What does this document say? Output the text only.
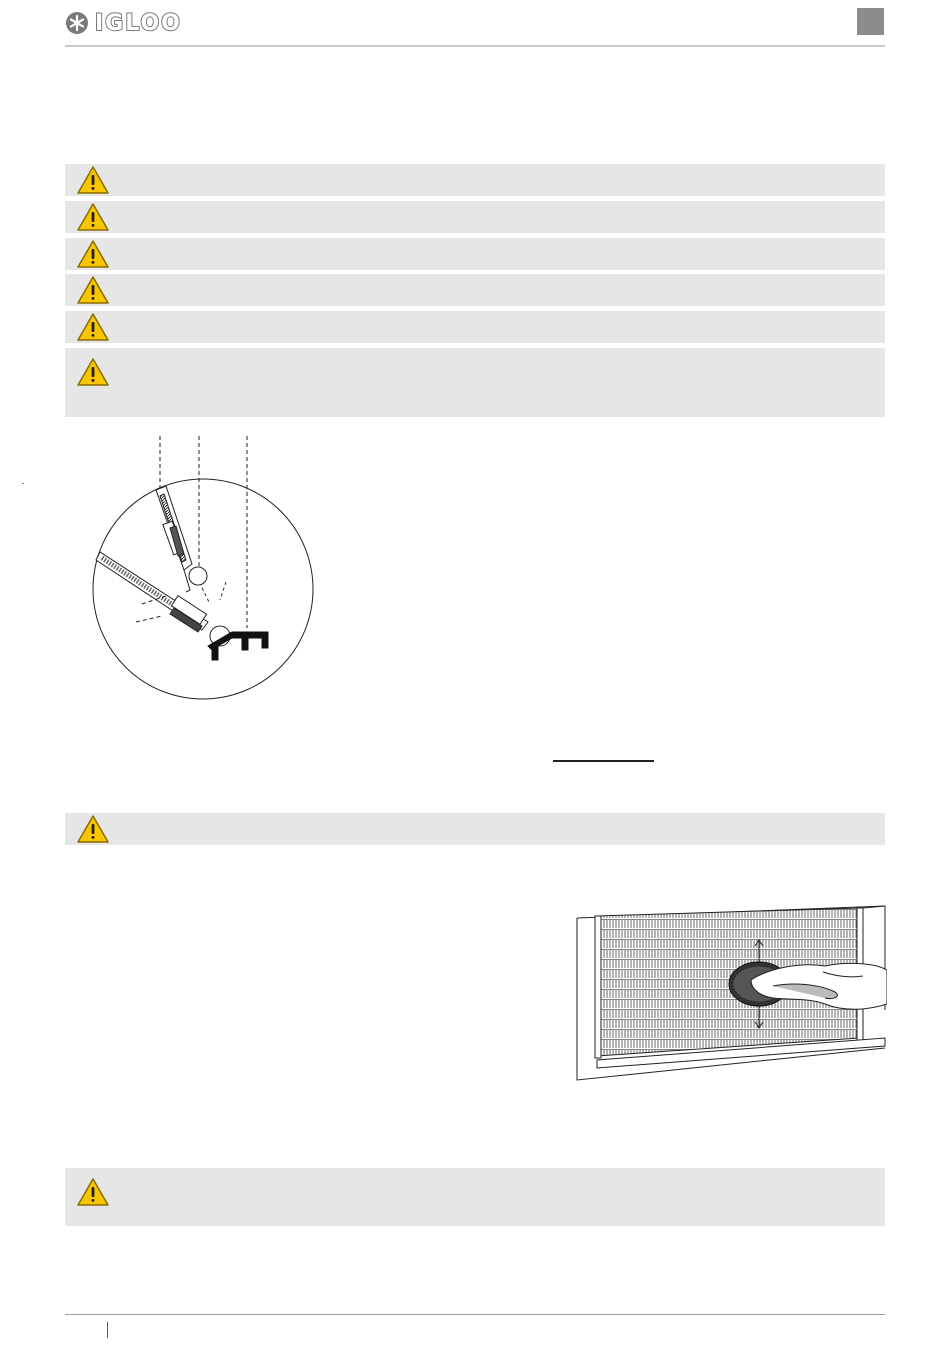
IGLOO
